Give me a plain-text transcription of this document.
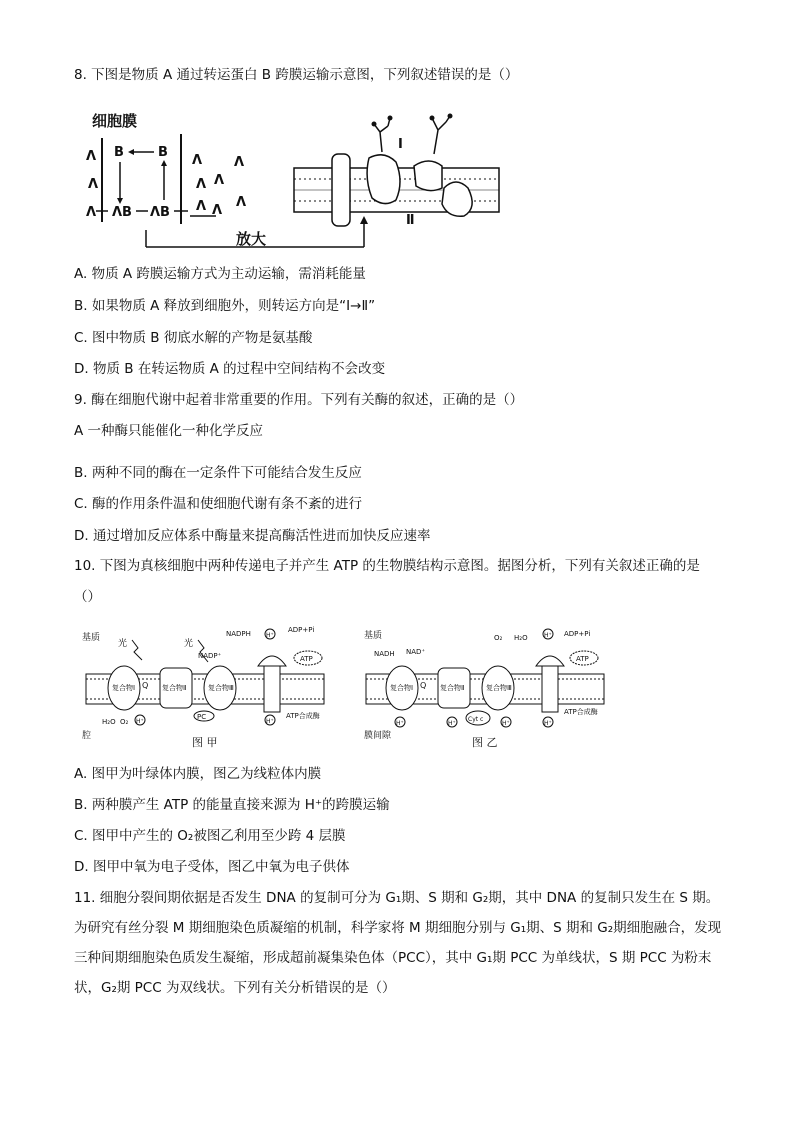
8. 下图是物质 A 通过转运蛋白 B 跨膜运输示意图，下列叙述错误的是（）
细胞膜
Λ
Λ
Λ
B	B
ΛB ΛB
Λ Λ
Λ Λ
Λ
Λ Λ
放大
Ⅰ
Ⅱ
A. 物质 A 跨膜运输方式为主动运输，需消耗能量
B. 如果物质 A 释放到细胞外，则转运方向是“Ⅰ→Ⅱ”
C. 图中物质 B 彻底水解的产物是氨基酸
D. 物质 B 在转运物质 A 的过程中空间结构不会改变
9. 酶在细胞代谢中起着非常重要的作用。下列有关酶的叙述，正确的是（）
A 一种酶只能催化一种化学反应
B. 两种不同的酶在一定条件下可能结合发生反应
C. 酶的作用条件温和使细胞代谢有条不紊的进行
D. 通过增加反应体系中酶量来提高酶活性进而加快反应速率
10. 下图为真核细胞中两种传递电子并产生 ATP 的生物膜结构示意图。据图分析，下列有关叙述正确的是
（）
基质
腔
光	光
复合物Ⅰ	复合物Ⅱ	复合物Ⅲ
Q
NADPH
NADP⁺
H⁺
ADP+Pi
ATP
H⁺
H₂O O₂ H⁺
PC	ATP合成酶
图 甲
基质
膜间隙
NADH NAD⁺
复合物Ⅰ	复合物Ⅱ	复合物Ⅲ
Q
O₂ H₂O	H⁺ ADP+Pi
ATP
H⁺	H⁺
Cyt c
H⁺	H⁺
ATP合成酶
图 乙
A. 图甲为叶绿体内膜，图乙为线粒体内膜
B. 两种膜产生 ATP 的能量直接来源为 H⁺的跨膜运输
C. 图甲中产生的 O₂被图乙利用至少跨 4 层膜
D. 图甲中氧为电子受体，图乙中氧为电子供体
11. 细胞分裂间期依据是否发生 DNA 的复制可分为 G₁期、S 期和 G₂期，其中 DNA 的复制只发生在 S 期。为研究有丝分裂 M 期细胞染色质凝缩的机制，科学家将 M 期细胞分别与 G₁期、S 期和 G₂期细胞融合，发现三种间期细胞染色质发生凝缩，形成超前凝集染色体（PCC），其中 G₁期 PCC 为单线状，S 期 PCC 为粉末状，G₂期 PCC 为双线状。下列有关分析错误的是（）
